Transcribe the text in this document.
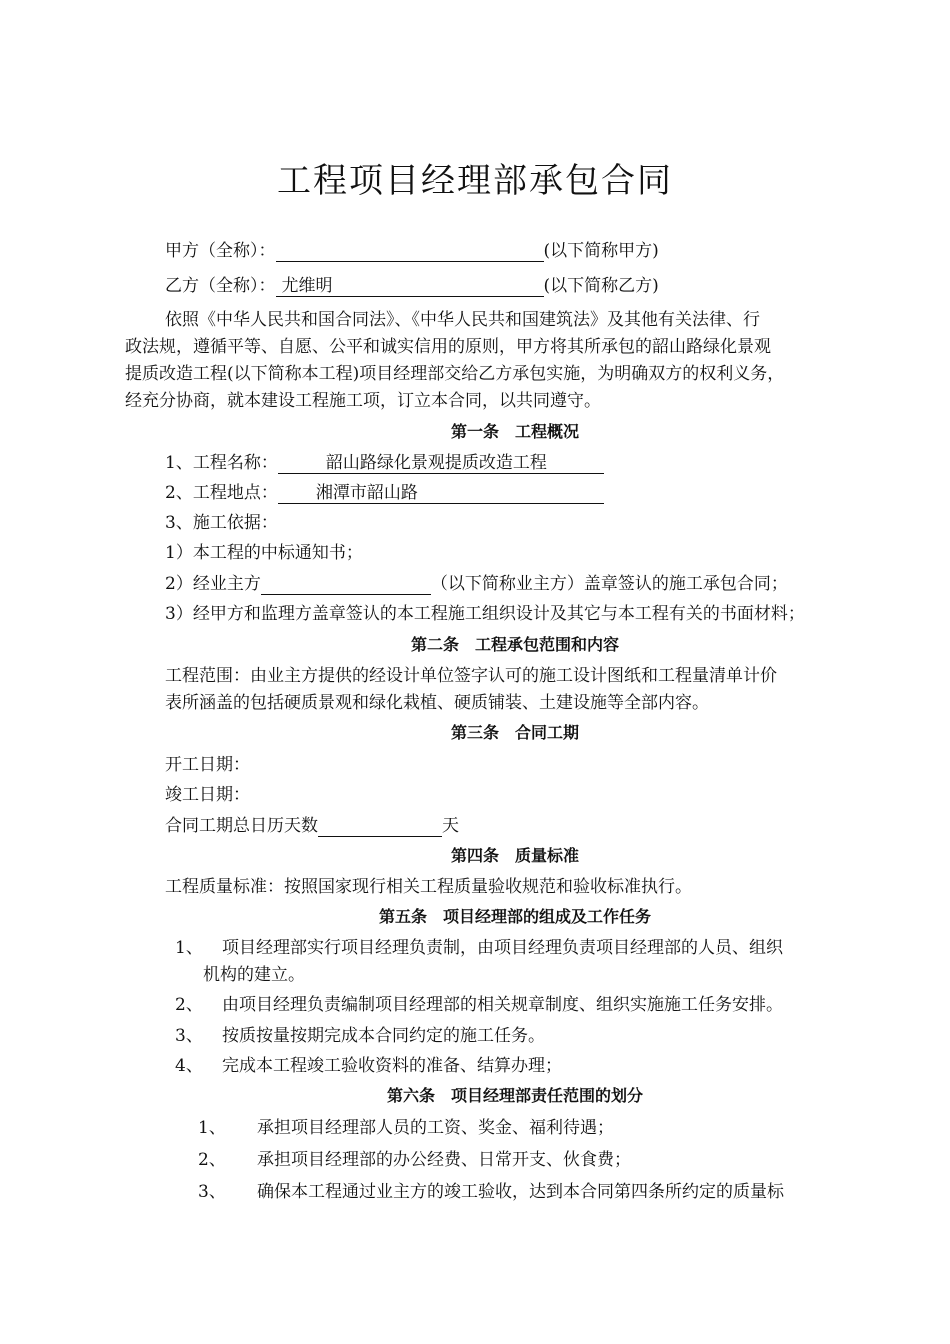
工程项目经理部承包合同
甲方（全称）：	(以下简称甲方)
乙方（全称）： 尤维明	(以下简称乙方)
依照《中华人民共和国合同法》、《中华人民共和国建筑法》及其他有关法律、行
政法规，遵循平等、自愿、公平和诚实信用的原则，甲方将其所承包的韶山路绿化景观
提质改造工程(以下简称本工程)项目经理部交给乙方承包实施，为明确双方的权利义务，
经充分协商，就本建设工程施工项，订立本合同，以共同遵守。
第一条　工程概况
1、工程名称：	韶山路绿化景观提质改造工程
2、工程地点： 湘潭市韶山路
3、施工依据：
1）本工程的中标通知书；
2）经业主方	（以下简称业主方）盖章签认的施工承包合同；
3）经甲方和监理方盖章签认的本工程施工组织设计及其它与本工程有关的书面材料；
第二条　工程承包范围和内容
工程范围：由业主方提供的经设计单位签字认可的施工设计图纸和工程量清单计价
表所涵盖的包括硬质景观和绿化栽植、硬质铺装、土建设施等全部内容。
第三条　合同工期
开工日期：
竣工日期：
合同工期总日历天数	天
第四条　质量标准
工程质量标准：按照国家现行相关工程质量验收规范和验收标准执行。
第五条　项目经理部的组成及工作任务
1、 项目经理部实行项目经理负责制，由项目经理负责项目经理部的人员、组织
机构的建立。
2、 由项目经理负责编制项目经理部的相关规章制度、组织实施施工任务安排。
3、 按质按量按期完成本合同约定的施工任务。
4、 完成本工程竣工验收资料的准备、结算办理；
第六条　项目经理部责任范围的划分
1、 承担项目经理部人员的工资、奖金、福利待遇；
2、 承担项目经理部的办公经费、日常开支、伙食费；
3、 确保本工程通过业主方的竣工验收，达到本合同第四条所约定的质量标
